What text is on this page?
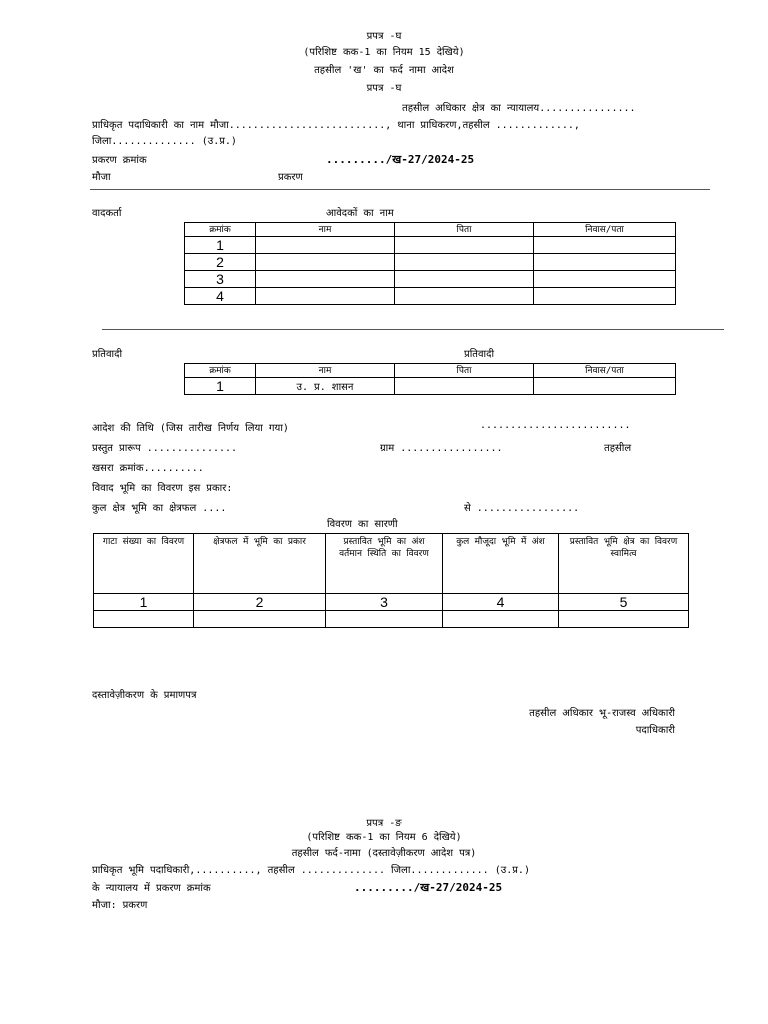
प्रपत्र -घ
(परिशिष्ट कक-1 का नियम 15 देखिये)
तहसील 'ख' का फर्द नामा आदेश
प्रपत्र -घ
तहसील अधिकार क्षेत्र का न्यायालय................
प्राधिकृत पदाधिकारी का नाम मौजा.........................., थाना प्राधिकरण,तहसील .............,
जिला.............. (उ.प्र.)
प्रकरण क्रमांक	........./ख-27/2024-25
मौजा	प्रकरण
वादकर्ता	आवेदकों का नाम
क्रमांक	नाम	पिता	निवास/पता
1			
2			
3			
4			
प्रतिवादी	प्रतिवादी
क्रमांक	नाम	पिता	निवास/पता
1	उ. प्र. शासन		
आदेश की तिथि (जिस तारीख निर्णय लिया गया)	.........................
प्रस्तुत प्रारूप ...............	ग्राम .................	तहसील
खसरा क्रमांक..........
विवाद भूमि का विवरण इस प्रकार:
कुल क्षेत्र भूमि का क्षेत्रफल ....	से .................
विवरण का सारणी
गाटा संख्या का विवरण	क्षेत्रफल में भूमि का प्रकार	प्रस्तावित भूमि का अंश वर्तमान स्थिति का विवरण	कुल मौजूदा भूमि में अंश	प्रस्तावित भूमि क्षेत्र का विवरण स्वामित्व
1	2	3	4	5

दस्तावेज़ीकरण के प्रमाणपत्र
तहसील अधिकार भू-राजस्व अधिकारी
पदाधिकारी
प्रपत्र -ङ
(परिशिष्ट कक-1 का नियम 6 देखिये)
तहसील फर्द-नामा (दस्तावेज़ीकरण आदेश पत्र)
प्राधिकृत भूमि पदाधिकारी,.........., तहसील .............. जिला............. (उ.प्र.)
के न्यायालय में प्रकरण क्रमांक	........./ख-27/2024-25
मौजा: प्रकरण
